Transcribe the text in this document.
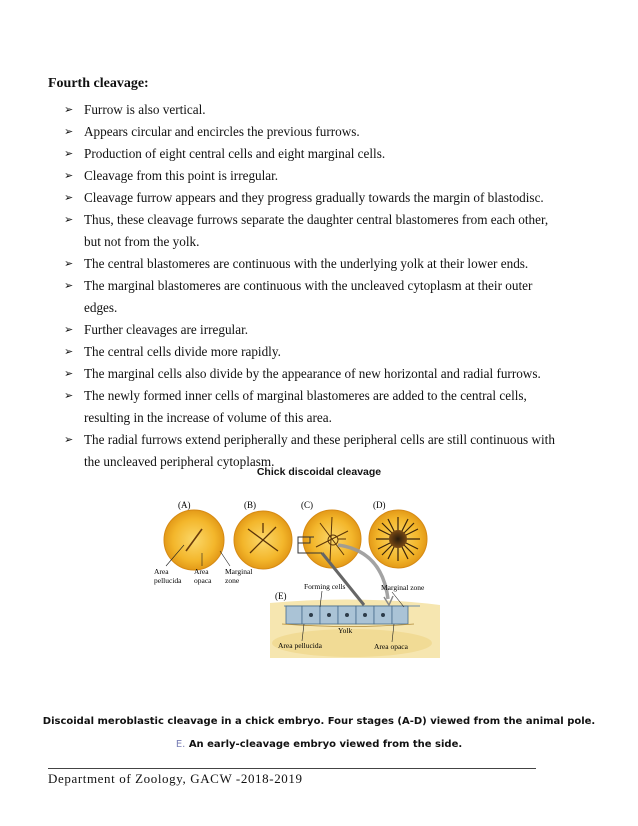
Fourth cleavage:
➢ Furrow is also vertical.
➢ Appears circular and encircles the previous furrows.
➢ Production of eight central cells and eight marginal cells.
➢ Cleavage from this point is irregular.
➢ Cleavage furrow appears and they progress gradually towards the margin of blastodisc.
➢ Thus, these cleavage furrows separate the daughter central blastomeres from each other, but not from the yolk.
➢ The central blastomeres are continuous with the underlying yolk at their lower ends.
➢ The marginal blastomeres are continuous with the uncleaved cytoplasm at their outer edges.
➢ Further cleavages are irregular.
➢ The central cells divide more rapidly.
➢ The marginal cells also divide by the appearance of new horizontal and radial furrows.
➢ The newly formed inner cells of marginal blastomeres are added to the central cells, resulting in the increase of volume of this area.
➢ The radial furrows extend peripherally and these peripheral cells are still continuous with the uncleaved peripheral cytoplasm.
Chick discoidal cleavage
(A)	(B)	(C)	(D)
Area pellucida
Area opaca
Marginal zone
(E)
Forming cells	Marginal zone
Yolk
Area pellucida	Area opaca
Discoidal meroblastic cleavage in a chick embryo. Four stages (A-D) viewed from the animal pole. E. An early-cleavage embryo viewed from the side.
Department of Zoology, GACW -2018-2019
